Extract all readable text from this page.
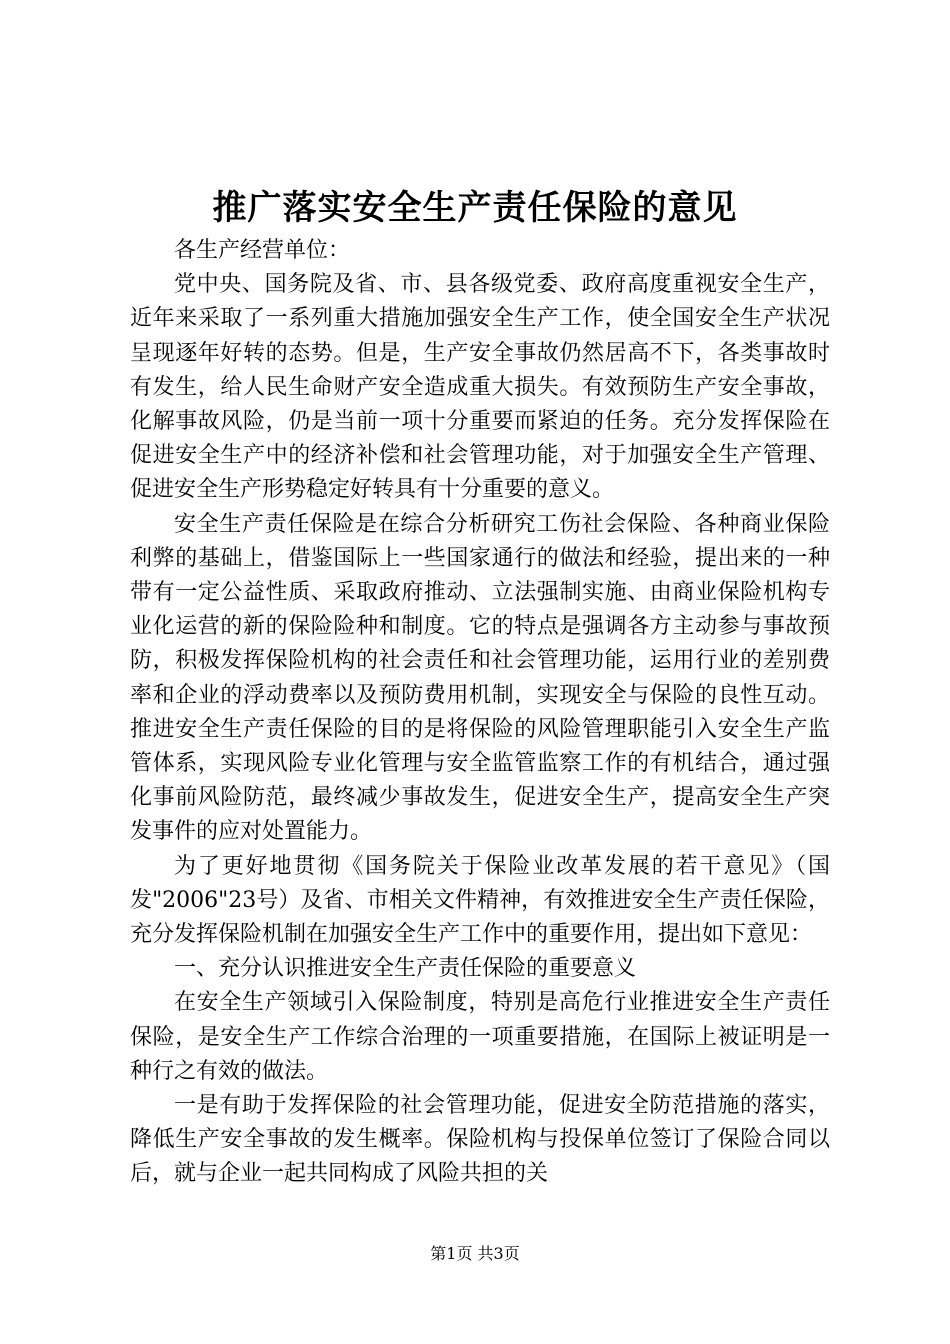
推广落实安全生产责任保险的意见

各生产经营单位：

党中央、国务院及省、市、县各级党委、政府高度重视安全生产，近年来采取了一系列重大措施加强安全生产工作，使全国安全生产状况呈现逐年好转的态势。但是，生产安全事故仍然居高不下，各类事故时有发生，给人民生命财产安全造成重大损失。有效预防生产安全事故，化解事故风险，仍是当前一项十分重要而紧迫的任务。充分发挥保险在促进安全生产中的经济补偿和社会管理功能，对于加强安全生产管理、促进安全生产形势稳定好转具有十分重要的意义。

安全生产责任保险是在综合分析研究工伤社会保险、各种商业保险利弊的基础上，借鉴国际上一些国家通行的做法和经验，提出来的一种带有一定公益性质、采取政府推动、立法强制实施、由商业保险机构专业化运营的新的保险险种和制度。它的特点是强调各方主动参与事故预防，积极发挥保险机构的社会责任和社会管理功能，运用行业的差别费率和企业的浮动费率以及预防费用机制，实现安全与保险的良性互动。推进安全生产责任保险的目的是将保险的风险管理职能引入安全生产监管体系，实现风险专业化管理与安全监管监察工作的有机结合，通过强化事前风险防范，最终减少事故发生，促进安全生产，提高安全生产突发事件的应对处置能力。

为了更好地贯彻《国务院关于保险业改革发展的若干意见》（国发"2006"23号）及省、市相关文件精神，有效推进安全生产责任保险，充分发挥保险机制在加强安全生产工作中的重要作用，提出如下意见：

一、充分认识推进安全生产责任保险的重要意义

在安全生产领域引入保险制度，特别是高危行业推进安全生产责任保险，是安全生产工作综合治理的一项重要措施，在国际上被证明是一种行之有效的做法。

一是有助于发挥保险的社会管理功能，促进安全防范措施的落实，降低生产安全事故的发生概率。保险机构与投保单位签订了保险合同以后，就与企业一起共同构成了风险共担的关

第1页 共3页
